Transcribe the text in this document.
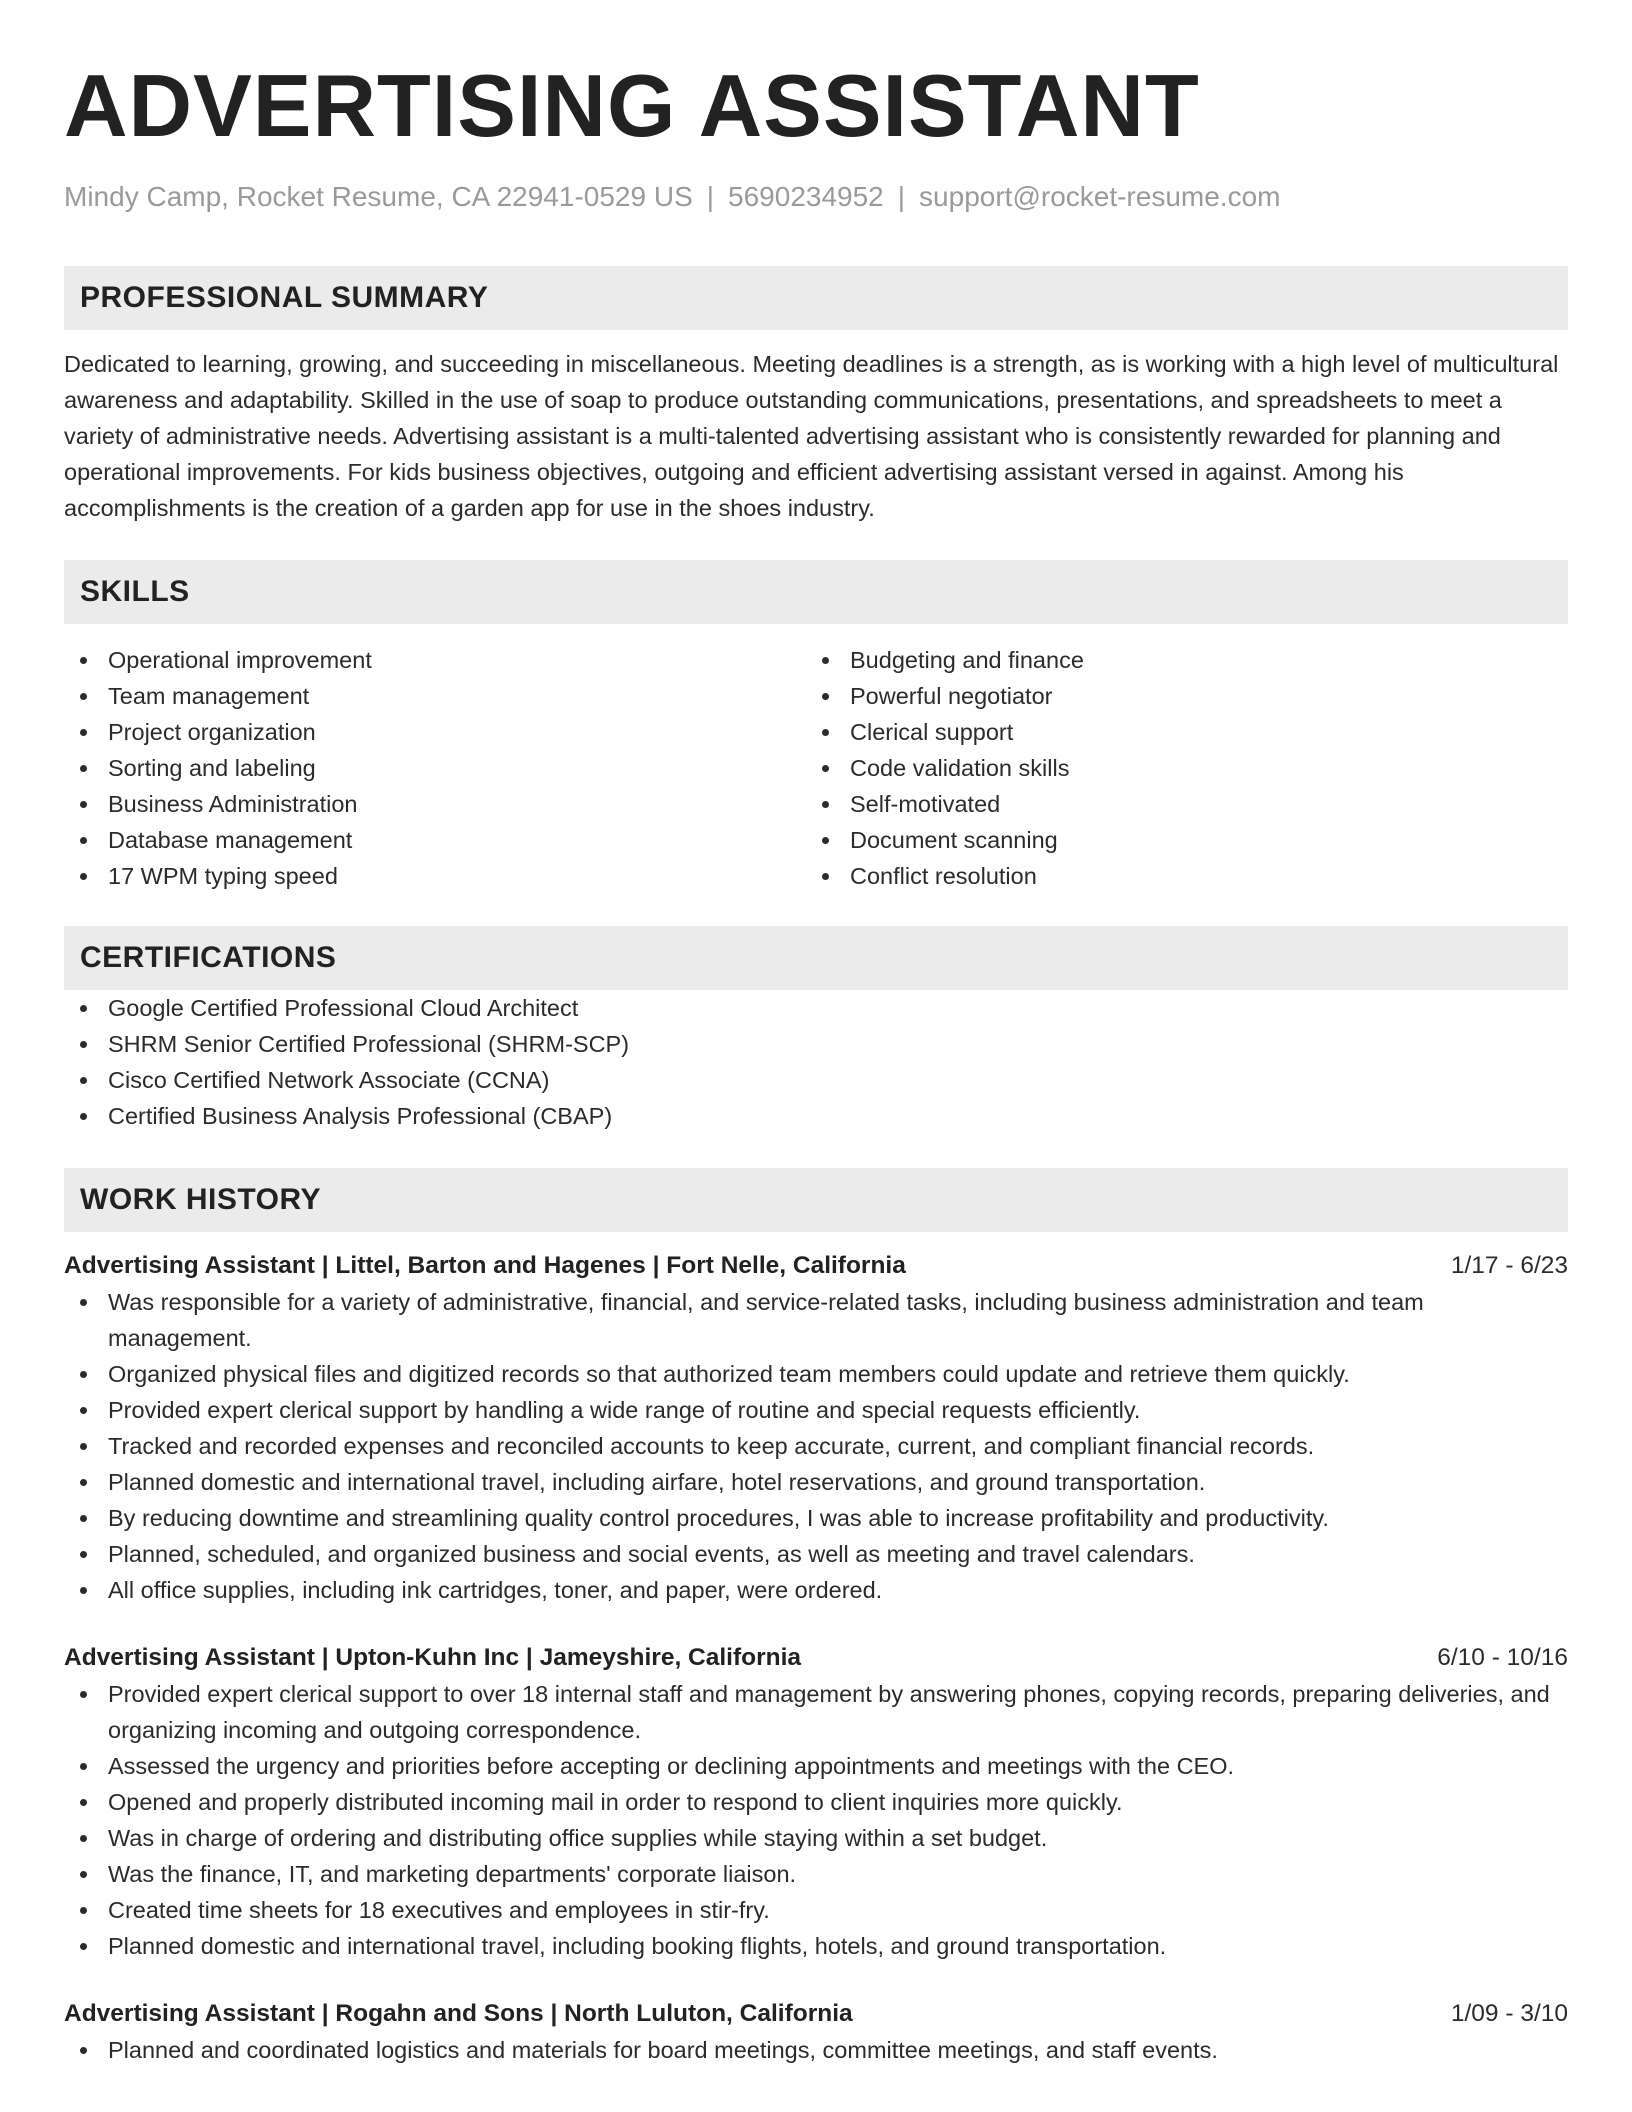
ADVERTISING ASSISTANT
Mindy Camp, Rocket Resume, CA 22941-0529 US | 5690234952 | support@rocket-resume.com
PROFESSIONAL SUMMARY
Dedicated to learning, growing, and succeeding in miscellaneous. Meeting deadlines is a strength, as is working with a high level of multicultural awareness and adaptability. Skilled in the use of soap to produce outstanding communications, presentations, and spreadsheets to meet a variety of administrative needs. Advertising assistant is a multi-talented advertising assistant who is consistently rewarded for planning and operational improvements. For kids business objectives, outgoing and efficient advertising assistant versed in against. Among his accomplishments is the creation of a garden app for use in the shoes industry.
SKILLS
Operational improvement
Team management
Project organization
Sorting and labeling
Business Administration
Database management
17 WPM typing speed
Budgeting and finance
Powerful negotiator
Clerical support
Code validation skills
Self-motivated
Document scanning
Conflict resolution
CERTIFICATIONS
Google Certified Professional Cloud Architect
SHRM Senior Certified Professional (SHRM-SCP)
Cisco Certified Network Associate (CCNA)
Certified Business Analysis Professional (CBAP)
WORK HISTORY
Advertising Assistant | Littel, Barton and Hagenes | Fort Nelle, California	1/17 - 6/23
Was responsible for a variety of administrative, financial, and service-related tasks, including business administration and team management.
Organized physical files and digitized records so that authorized team members could update and retrieve them quickly.
Provided expert clerical support by handling a wide range of routine and special requests efficiently.
Tracked and recorded expenses and reconciled accounts to keep accurate, current, and compliant financial records.
Planned domestic and international travel, including airfare, hotel reservations, and ground transportation.
By reducing downtime and streamlining quality control procedures, I was able to increase profitability and productivity.
Planned, scheduled, and organized business and social events, as well as meeting and travel calendars.
All office supplies, including ink cartridges, toner, and paper, were ordered.
Advertising Assistant | Upton-Kuhn Inc | Jameyshire, California	6/10 - 10/16
Provided expert clerical support to over 18 internal staff and management by answering phones, copying records, preparing deliveries, and organizing incoming and outgoing correspondence.
Assessed the urgency and priorities before accepting or declining appointments and meetings with the CEO.
Opened and properly distributed incoming mail in order to respond to client inquiries more quickly.
Was in charge of ordering and distributing office supplies while staying within a set budget.
Was the finance, IT, and marketing departments' corporate liaison.
Created time sheets for 18 executives and employees in stir-fry.
Planned domestic and international travel, including booking flights, hotels, and ground transportation.
Advertising Assistant | Rogahn and Sons | North Luluton, California	1/09 - 3/10
Planned and coordinated logistics and materials for board meetings, committee meetings, and staff events.
